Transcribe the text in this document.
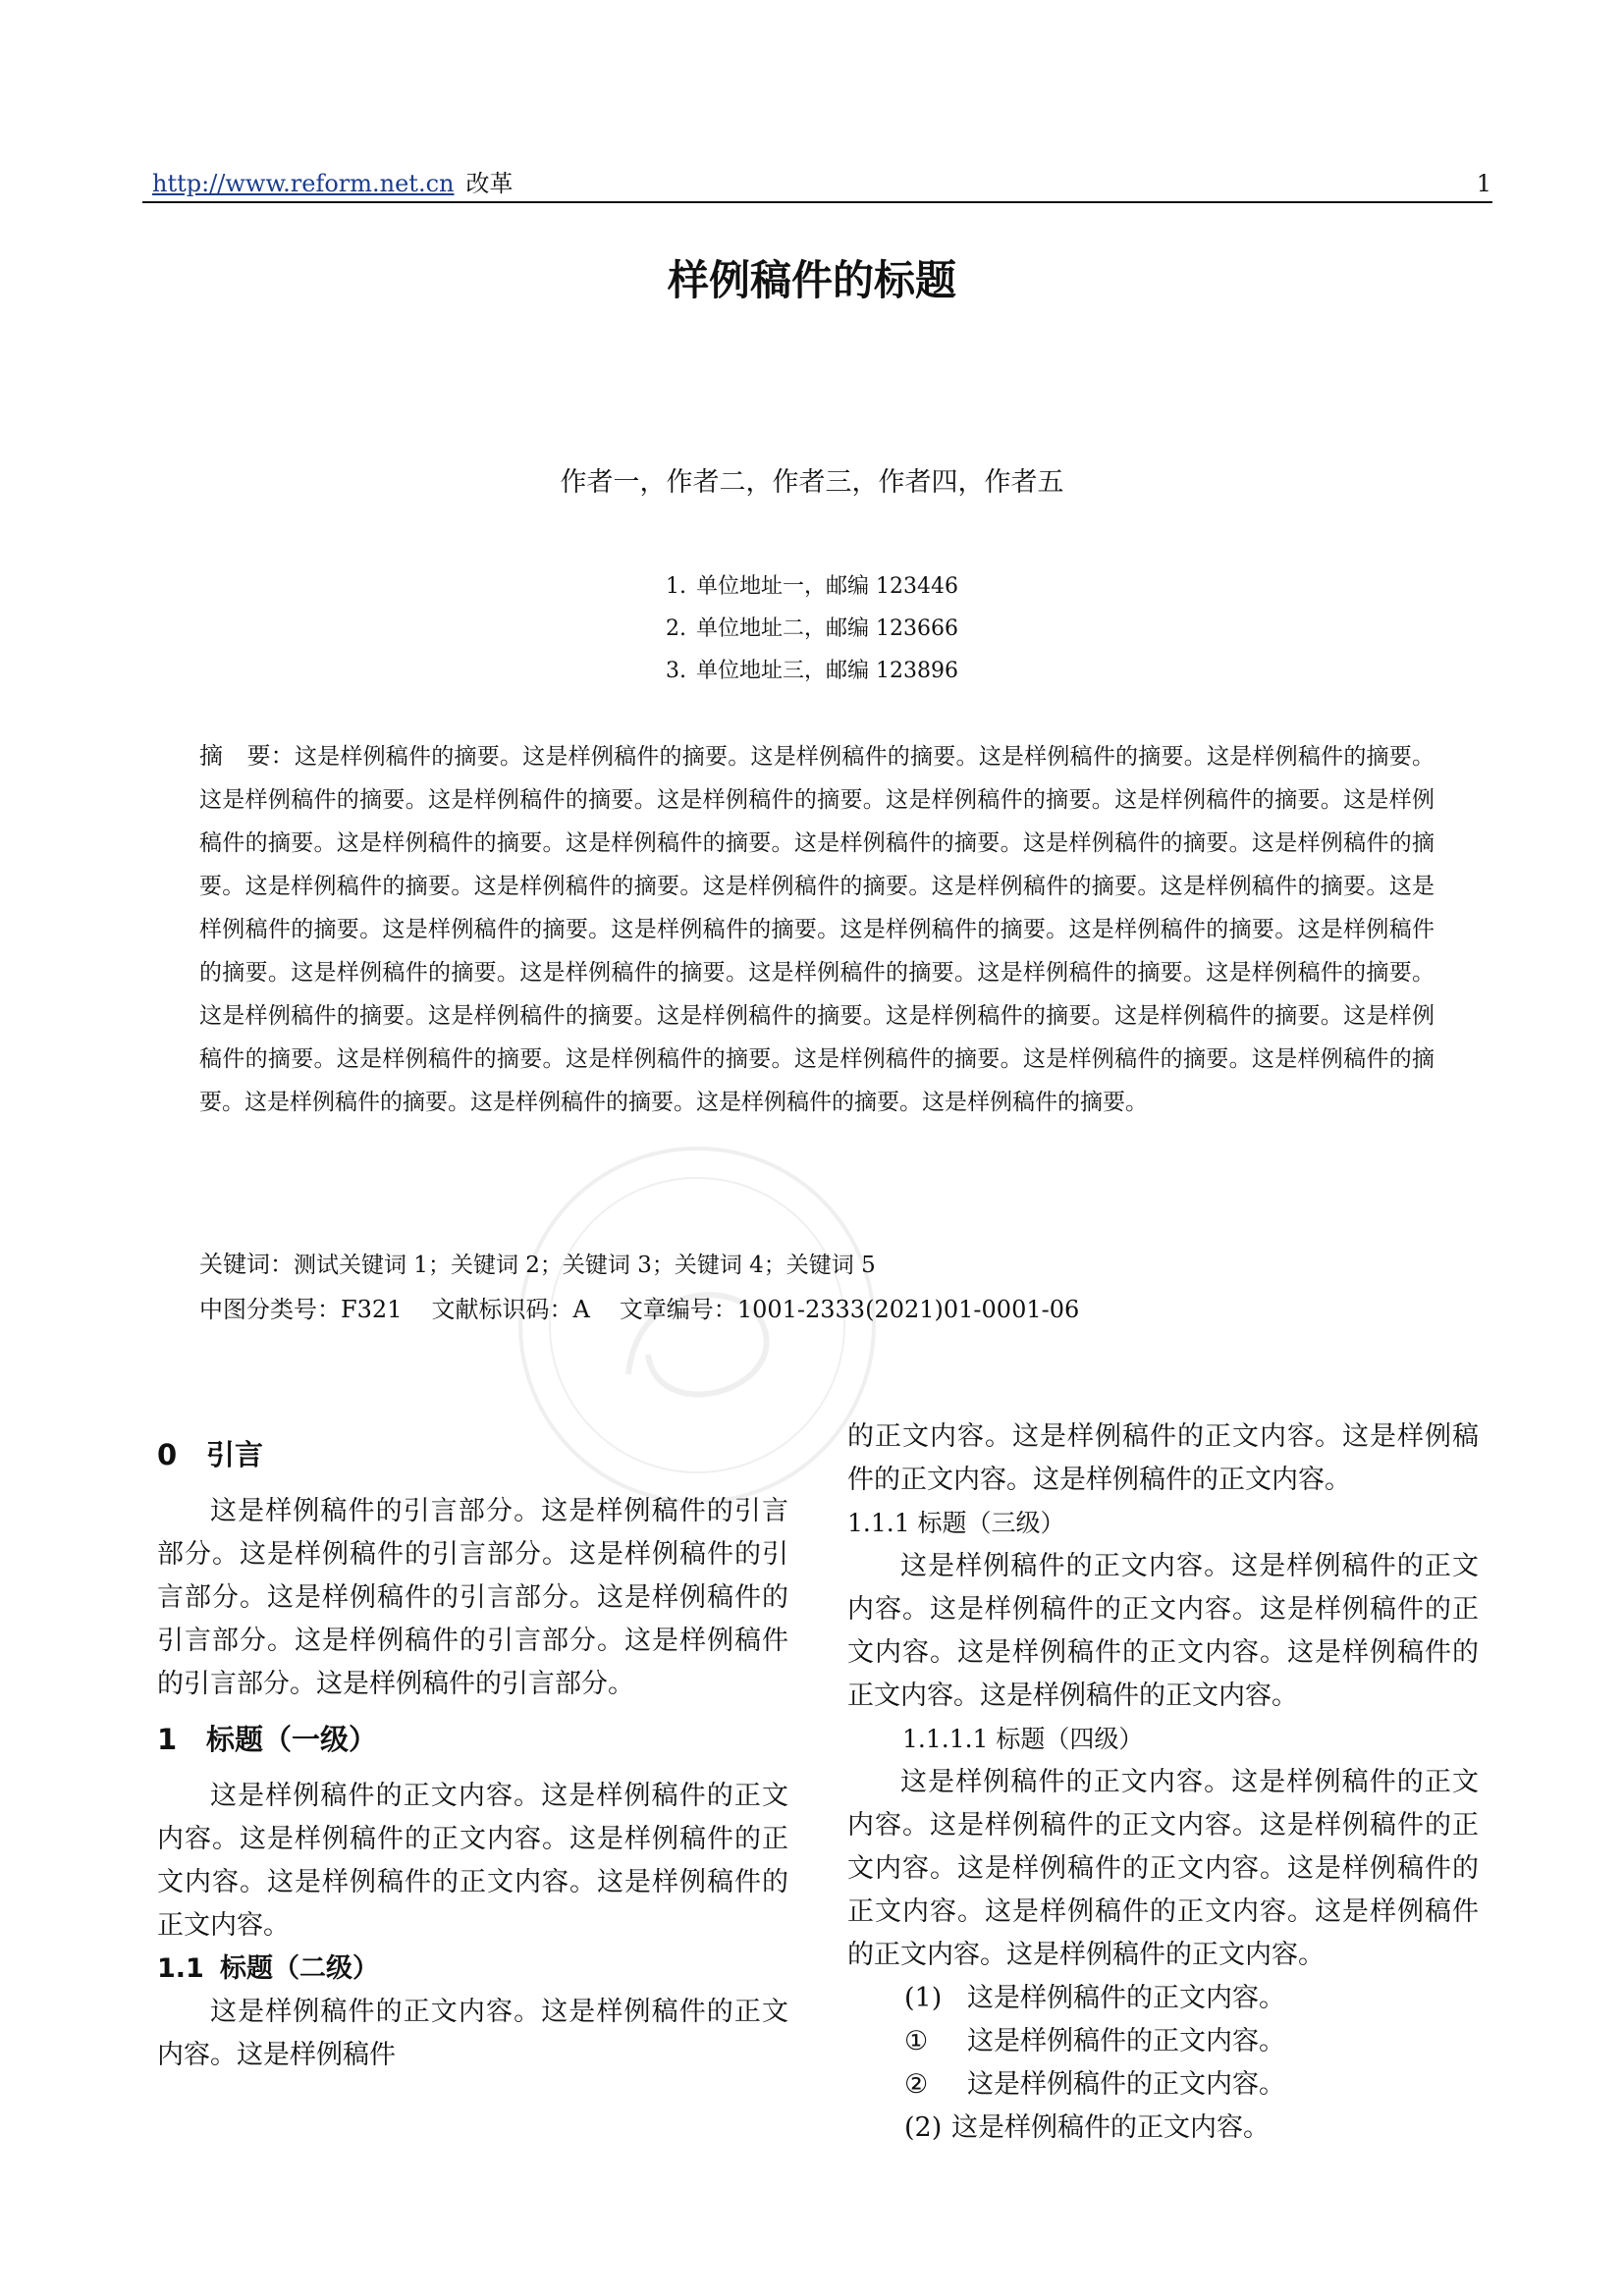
http://www.reform.net.cn 改革	1
样例稿件的标题
作者一，作者二，作者三，作者四，作者五
1. 单位地址一，邮编 123446
2. 单位地址二，邮编 123666
3. 单位地址三，邮编 123896
摘　要：这是样例稿件的摘要。这是样例稿件的摘要。这是样例稿件的摘要。这是样例稿件的摘要。这是样例稿件的摘要。这是样例稿件的摘要。这是样例稿件的摘要。这是样例稿件的摘要。这是样例稿件的摘要。这是样例稿件的摘要。这是样例稿件的摘要。这是样例稿件的摘要。这是样例稿件的摘要。这是样例稿件的摘要。这是样例稿件的摘要。这是样例稿件的摘要。这是样例稿件的摘要。这是样例稿件的摘要。这是样例稿件的摘要。这是样例稿件的摘要。这是样例稿件的摘要。这是样例稿件的摘要。这是样例稿件的摘要。这是样例稿件的摘要。这是样例稿件的摘要。这是样例稿件的摘要。这是样例稿件的摘要。这是样例稿件的摘要。这是样例稿件的摘要。这是样例稿件的摘要。这是样例稿件的摘要。这是样例稿件的摘要。这是样例稿件的摘要。这是样例稿件的摘要。这是样例稿件的摘要。这是样例稿件的摘要。这是样例稿件的摘要。这是样例稿件的摘要。这是样例稿件的摘要。这是样例稿件的摘要。这是样例稿件的摘要。这是样例稿件的摘要。这是样例稿件的摘要。这是样例稿件的摘要。这是样例稿件的摘要。这是样例稿件的摘要。这是样例稿件的摘要。
关键词：测试关键词 1；关键词 2；关键词 3；关键词 4；关键词 5
中图分类号：F321 文献标识码：A 文章编号：1001-2333(2021)01-0001-06
0 引言

这是样例稿件的引言部分。这是样例稿件的引言部分。这是样例稿件的引言部分。这是样例稿件的引言部分。这是样例稿件的引言部分。这是样例稿件的引言部分。这是样例稿件的引言部分。这是样例稿件的引言部分。这是样例稿件的引言部分。

1 标题（一级）

这是样例稿件的正文内容。这是样例稿件的正文内容。这是样例稿件的正文内容。这是样例稿件的正文内容。这是样例稿件的正文内容。这是样例稿件的正文内容。

1.1 标题（二级）

这是样例稿件的正文内容。这是样例稿件的正文内容。这是样例稿件

的正文内容。这是样例稿件的正文内容。这是样例稿件的正文内容。这是样例稿件的正文内容。

1.1.1 标题（三级）

这是样例稿件的正文内容。这是样例稿件的正文内容。这是样例稿件的正文内容。这是样例稿件的正文内容。这是样例稿件的正文内容。这是样例稿件的正文内容。这是样例稿件的正文内容。

1.1.1.1 标题（四级）

这是样例稿件的正文内容。这是样例稿件的正文内容。这是样例稿件的正文内容。这是样例稿件的正文内容。这是样例稿件的正文内容。这是样例稿件的正文内容。这是样例稿件的正文内容。这是样例稿件的正文内容。这是样例稿件的正文内容。

(1) 这是样例稿件的正文内容。
① 这是样例稿件的正文内容。
② 这是样例稿件的正文内容。
(2) 这是样例稿件的正文内容。
